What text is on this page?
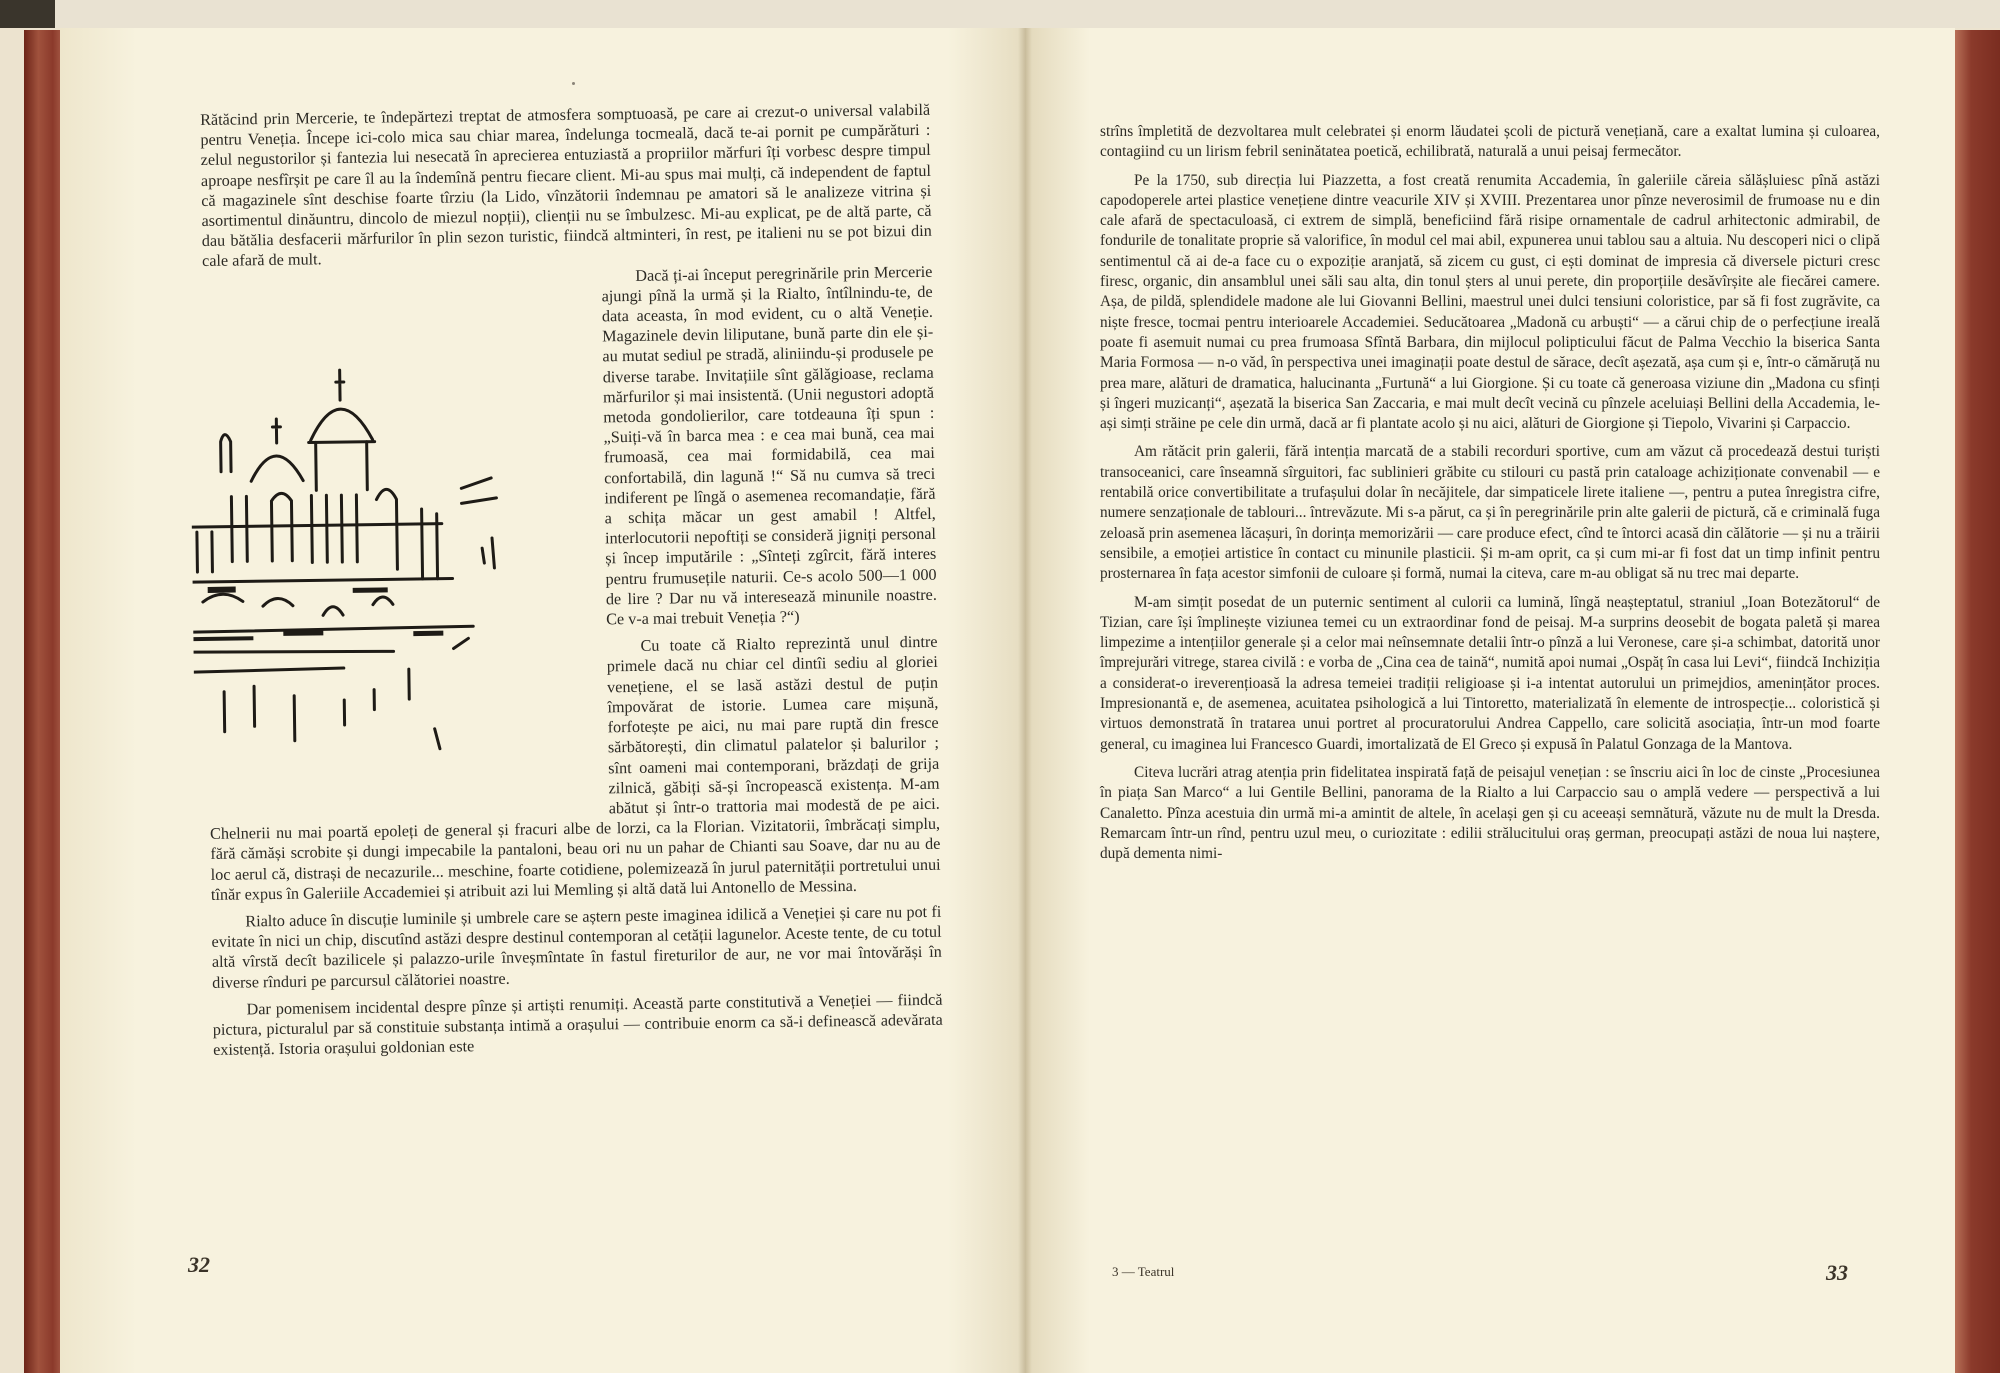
Rătăcind prin Mercerie, te îndepărtezi treptat de atmosfera somptuoasă, pe care ai crezut-o universal valabilă pentru Veneția. Începe ici-colo mica sau chiar marea, îndelunga tocmeală, dacă te-ai pornit pe cumpărături : zelul negustorilor și fantezia lui nesecată în aprecierea entuziastă a propriilor mărfuri îți vorbesc despre timpul aproape nesfîrșit pe care îl au la îndemînă pentru fiecare client. Mi-au spus mai mulți, că independent de faptul că magazinele sînt deschise foarte tîrziu (la Lido, vînzătorii îndemnau pe amatori să le analizeze vitrina și asortimentul dinăuntru, dincolo de miezul nopții), clienții nu se îmbulzesc. Mi-au explicat, pe de altă parte, că dau bătălia desfacerii mărfurilor în plin sezon turistic, fiindcă altminteri, în rest, pe italieni nu se pot bizui din cale afară de mult.

Dacă ți-ai început peregrinările prin Mercerie ajungi pînă la urmă și la Rialto, întîlnindu-te, de data aceasta, în mod evident, cu o altă Veneție. Magazinele devin liliputane, bună parte din ele și-au mutat sediul pe stradă, aliniindu-și produsele pe diverse tarabe. Invitațiile sînt gălăgioase, reclama mărfurilor și mai insistentă. (Unii negustori adoptă metoda gondolierilor, care totdeauna îți spun : „Suiți-vă în barca mea : e cea mai bună, cea mai frumoasă, cea mai formidabilă, cea mai confortabilă, din lagună !“ Să nu cumva să treci indiferent pe lîngă o asemenea recomandație, fără a schița măcar un gest amabil ! Altfel, interlocutorii nepoftiți se consideră jigniți personal și încep imputările : „Sînteți zgîrcit, fără interes pentru frumusețile naturii. Ce-s acolo 500—1 000 de lire ? Dar nu vă interesează minunile noastre. Ce v-a mai trebuit Veneția ?“)

Cu toate că Rialto reprezintă unul dintre primele dacă nu chiar cel dintîi sediu al gloriei venețiene, el se lasă astăzi destul de puțin împovărat de istorie. Lumea care mișună, forfotește pe aici, nu mai pare ruptă din fresce sărbătorești, din climatul palatelor și balurilor ; sînt oameni mai contemporani, brăzdați de grija zilnică, găbiți să-și încropească existența. M-am abătut și într-o trattoria mai modestă de pe aici. Chelnerii nu mai poartă epoleți de general și fracuri albe de lorzi, ca la Florian. Vizitatorii, îmbrăcați simplu, fără cămăși scrobite și dungi impecabile la pantaloni, beau ori nu un pahar de Chianti sau Soave, dar nu au de loc aerul că, distrași de necazurile... meschine, foarte cotidiene, polemizează în jurul paternității portretului unui tînăr expus în Galeriile Accademiei și atribuit azi lui Memling și altă dată lui Antonello de Messina.

Rialto aduce în discuție luminile și umbrele care se aștern peste imaginea idilică a Veneției și care nu pot fi evitate în nici un chip, discutînd astăzi despre destinul contemporan al cetății lagunelor. Aceste tente, de cu totul altă vîrstă decît bazilicele și palazzo-urile înveșmîntate în fastul firetur‍ilor de aur, ne vor mai întovărăși în diverse rînduri pe parcursul călătoriei noastre.

Dar pomenisem incidental despre pînze și artiști renumiți. Această parte constitutivă a Veneției — fiindcă pictura, picturalul par să constituie substanța intimă a orașului — contribuie enorm ca să-i definească adevărata existență. Istoria orașului goldonian este

32

strîns împletită de dezvoltarea mult celebratei și enorm lăudatei școli de pictură venețiană, care a exaltat lumina și culoarea, contagiind cu un lirism febril seninătatea poetică, echilibrată, naturală a unui peisaj fermecător.

Pe la 1750, sub direcția lui Piazzetta, a fost creată renumita Accademia, în galeriile căreia sălășluiesc pînă astăzi capodoperele artei plastice venețiene dintre veacurile XIV și XVIII. Prezentarea unor pînze neverosimil de frumoase nu e din cale afară de spectaculoasă, ci extrem de simplă, beneficiind fără risipe ornamentale de cadrul arhitectonic admirabil, de fondurile de tonalitate proprie să valorifice, în modul cel mai abil, expunerea unui tablou sau a altuia. Nu descoperi nici o clipă sentimentul că ai de-a face cu o expoziție aranjată, să zicem cu gust, ci ești dominat de impresia că diversele picturi cresc firesc, organic, din ansamblul unei săli sau alta, din tonul șters al unui perete, din proporțiile desăvîrșite ale fiecărei camere. Așa, de pildă, splendidele madone ale lui Giovanni Bellini, maestrul unei dulci tensiuni coloristice, par să fi fost zugrăvite, ca niște fresce, tocmai pentru interioarele Accademiei. Seducătoarea „Madonă cu arbuști“ — a cărui chip de o perfecțiune ireală poate fi asemuit numai cu prea frumoasa Sfîntă Barbara, din mijlocul polipticului făcut de Palma Vecchio la biserica Santa Maria Formosa — n-o văd, în perspectiva unei imaginații poate destul de sărace, decît așezată, așa cum și e, într-o cămăruță nu prea mare, alături de dramatica, halucinanta „Furtună“ a lui Giorgione. Și cu toate că generoasa viziune din „Madona cu sfinți și îngeri muzicanți“, așezată la biserica San Zaccaria, e mai mult decît vecină cu pînzele aceluiași Bellini della Accademia, le-ași simți străine pe cele din urmă, dacă ar fi plantate acolo și nu aici, alături de Giorgione și Tiepolo, Vivarini și Carpaccio.

Am rătăcit prin galerii, fără intenția marcată de a stabili recorduri sportive, cum am văzut că procedează destui turiști transoceanici, care înseamnă sîrguitori, fac sublinieri grăbite cu stilouri cu pastă prin cataloage achiziționate convenabil — e rentabilă orice convertibilitate a trufașului dolar în necăjitele, dar simpaticele lirete italiene —, pentru a putea înregistra cifre, numere senzaționale de tablouri... întrevăzute. Mi s-a părut, ca și în peregrinările prin alte galerii de pictură, că e criminală fuga zeloasă prin asemenea lăcașuri, în dorința memorizării — care produce efect, cînd te întorci acasă din călătorie — și nu a trăirii sensibile, a emoției artistice în contact cu minunile plasticii. Și m-am oprit, ca și cum mi-ar fi fost dat un timp infinit pentru prosternarea în fața acestor simfonii de culoare și formă, numai la citeva, care m-au obligat să nu trec mai departe.

M-am simțit posedat de un puternic sentiment al culorii ca lumină, lîngă neașteptatul, straniul „Ioan Botezătorul“ de Tizian, care își împlinește viziunea temei cu un extraordinar fond de peisaj. M-a surprins deosebit de bogata paletă și marea limpezime a intențiilor generale și a celor mai neînsemnate detalii într-o pînză a lui Veronese, care și-a schimbat, datorită unor împrejurări vitrege, starea civilă : e vorba de „Cina cea de taină“, numită apoi numai „Ospăț în casa lui Levi“, fiindcă Inchiziția a considerat-o ireverențioasă la adresa temeiei tradiții religioase și i-a intentat autorului un primejdios, amenințător proces. Impresionantă e, de asemenea, acuitatea psihologică a lui Tintoretto, materializată în elemente de introspecție... coloristică și virtuos demonstrată în tratarea unui portret al procuratorului Andrea Cappello, care solicită asociația, într-un mod foarte general, cu imaginea lui Francesco Guardi, imortalizată de El Greco și expusă în Palatul Gonzaga de la Mantova.

Citeva lucrări atrag atenția prin fidelitatea inspirată față de peisajul venețian : se înscriu aici în loc de cinste „Procesiunea în piața San Marco“ a lui Gentile Bellini, panorama de la Rialto a lui Carpaccio sau o amplă vedere — perspectivă a lui Canaletto. Pînza acestuia din urmă mi-a amintit de altele, în același gen și cu aceeași semnătură, văzute nu de mult la Dresda. Remarcam într-un rînd, pentru uzul meu, o curiozitate : edilii strălucitului oraș german, preocupați astăzi de noua lui naștere, după dementa nimi-

3 — Teatrul	33
